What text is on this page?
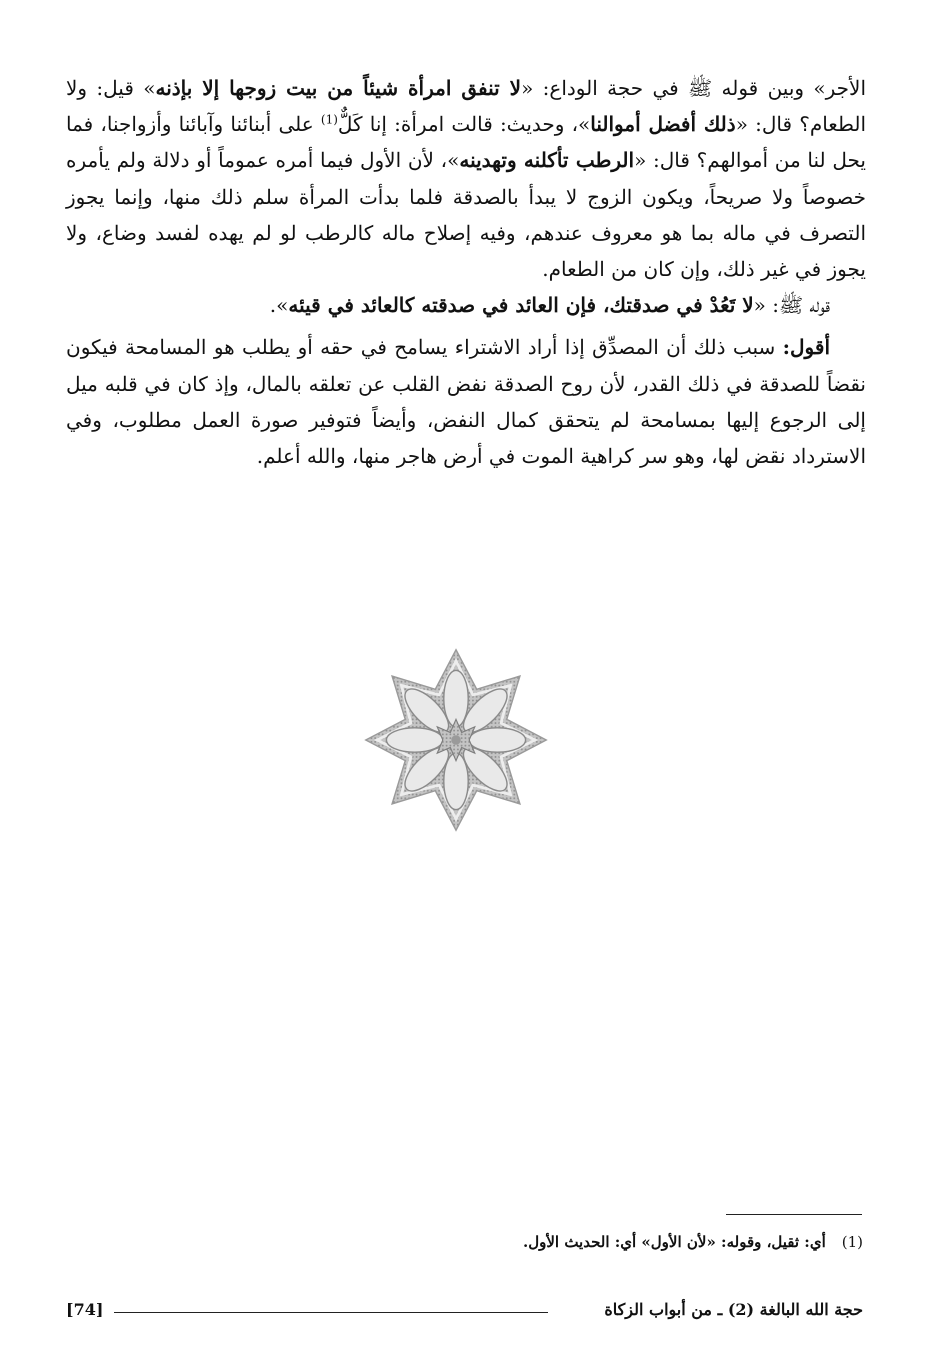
الأجر» وبين قوله ﷺ في حجة الوداع: «لا تنفق امرأة شيئاً من بيت زوجها إلا بإذنه» قيل: ولا الطعام؟ قال: «ذلك أفضل أموالنا»، وحديث: قالت امرأة: إنا كَلٌّ$^{(1)}$ على أبنائنا وآبائنا وأزواجنا، فما يحل لنا من أموالهم؟ قال: «الرطب تأكلنه وتهدينه»، لأن الأول فيما أمره عموماً أو دلالة ولم يأمره خصوصاً ولا صريحاً، ويكون الزوج لا يبدأ بالصدقة فلما بدأت المرأة سلم ذلك منها، وإنما يجوز التصرف في ماله بما هو معروف عندهم، وفيه إصلاح ماله كالرطب لو لم يهده لفسد وضاع، ولا يجوز في غير ذلك، وإن كان من الطعام.

قوله ﷺ: «لا تَعُدْ في صدقتك، فإن العائد في صدقته كالعائد في قيئه».

أقول: سبب ذلك أن المصدِّق إذا أراد الاشتراء يسامح في حقه أو يطلب هو المسامحة فيكون نقضاً للصدقة في ذلك القدر، لأن روح الصدقة نفض القلب عن تعلقه بالمال، وإذ كان في قلبه ميل إلى الرجوع إليها بمسامحة لم يتحقق كمال النفض، وأيضاً فتوفير صورة العمل مطلوب، وفي الاسترداد نقض لها، وهو سر كراهية الموت في أرض هاجر منها، والله أعلم.

(1)أي: ثقيل، وقوله: «لأن الأول» أي: الحديث الأول.
حجة الله البالغة (2) ـ من أبواب الزكاة
[74]
